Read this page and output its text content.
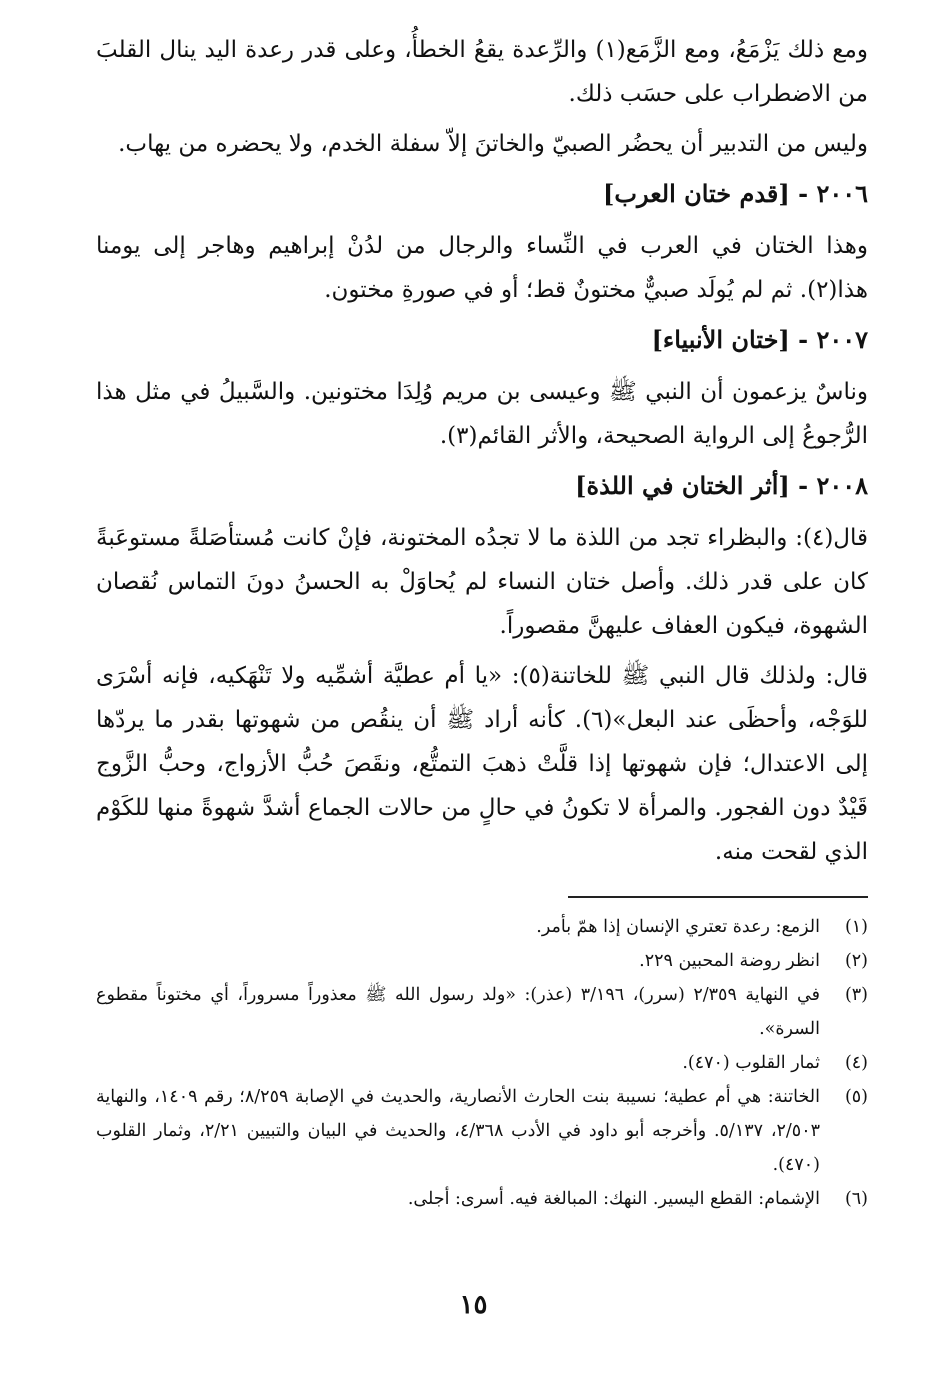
ومع ذلك يَزْمَعُ، ومع الزَّمَع(١) والرِّعدة يقعُ الخطأُ، وعلى قدر رعدة اليد ينال القلبَ من الاضطراب على حسَب ذلك.

وليس من التدبير أن يحضُر الصبيّ والخاتنَ إلاّ سفلة الخدم، ولا يحضره من يهاب.

٢٠٠٦ - [قدم ختان العرب]

وهذا الختان في العرب في النِّساء والرجال من لدُنْ إبراهيم وهاجر إلى يومنا هذا(٢). ثم لم يُولَد صبيٌّ مختونٌ قط؛ أو في صورةِ مختون.

٢٠٠٧ - [ختان الأنبياء]

وناسٌ يزعمون أن النبي ﷺ وعيسى بن مريم وُلِدَا مختونين. والسَّبيلُ في مثل هذا الرُّجوعُ إلى الرواية الصحيحة، والأثر القائم(٣).

٢٠٠٨ - [أثر الختان في اللذة]

قال(٤): والبظراء تجد من اللذة ما لا تجدُه المختونة، فإنْ كانت مُستأصَلةً مستوعَبةً كان على قدر ذلك. وأصل ختان النساء لم يُحاوَلْ به الحسنُ دونَ التماس نُقصان الشهوة، فيكون العفاف عليهنَّ مقصوراً.

قال: ولذلك قال النبي ﷺ للخاتنة(٥): «يا أم عطيَّة أشمِّيه ولا تَنْهَكيه، فإنه أسْرَى للوَجْه، وأحظَى عند البعل»(٦). كأنه أراد ﷺ أن ينقُص من شهوتها بقدر ما يردّها إلى الاعتدال؛ فإن شهوتها إذا قلَّتْ ذهبَ التمتُّع، ونقَصَ حُبُّ الأزواج، وحبُّ الزَّوج قَيْدٌ دون الفجور. والمرأة لا تكونُ في حالٍ من حالات الجماع أشدَّ شهوةً منها للكَوْم الذي لقحت منه.

(١)
الزمع: رعدة تعتري الإنسان إذا همّ بأمر.
(٢)
انظر روضة المحبين ٢٢٩.
(٣)
في النهاية ٢/٣٥٩ (سرر)، ٣/١٩٦ (عذر): «ولد رسول الله ﷺ معذوراً مسروراً، أي مختوناً مقطوع السرة».
(٤)
ثمار القلوب (٤٧٠).
(٥)
الخاتنة: هي أم عطية؛ نسيبة بنت الحارث الأنصارية، والحديث في الإصابة ٨/٢٥٩؛ رقم ١٤٠٩، والنهاية ٢/٥٠٣، ٥/١٣٧. وأخرجه أبو داود في الأدب ٤/٣٦٨، والحديث في البيان والتبيين ٢/٢١، وثمار القلوب (٤٧٠).
(٦)
الإشمام: القطع اليسير. النهك: المبالغة فيه. أسرى: أجلى.
١٥
